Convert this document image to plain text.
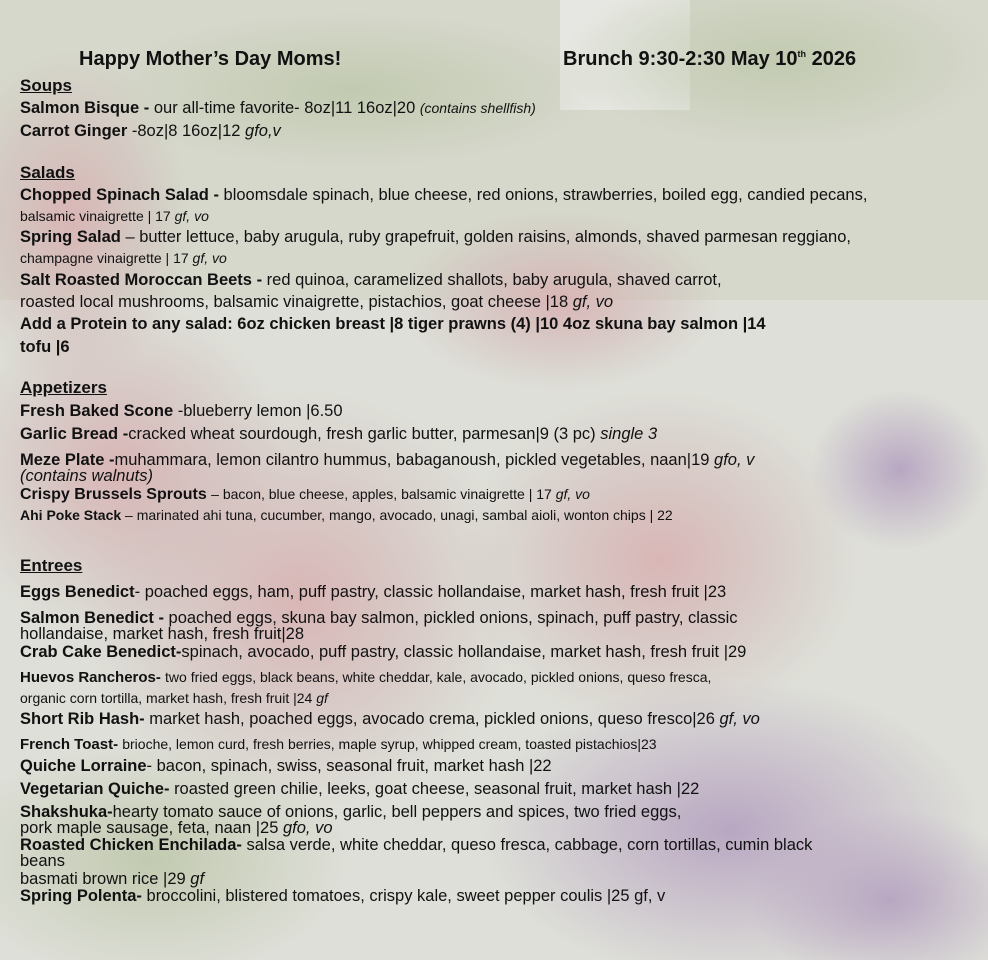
Happy Mother’s Day Moms!	Brunch 9:30-2:30 May 10th 2026
Soups
Salmon Bisque - our all-time favorite- 8oz|11 16oz|20 (contains shellfish)
Carrot Ginger -8oz|8 16oz|12 gfo,v
Salads
Chopped Spinach Salad - bloomsdale spinach, blue cheese, red onions, strawberries, boiled egg, candied pecans,
balsamic vinaigrette | 17 gf, vo
Spring Salad – butter lettuce, baby arugula, ruby grapefruit, golden raisins, almonds, shaved parmesan reggiano,
champagne vinaigrette | 17 gf, vo
Salt Roasted Moroccan Beets - red quinoa, caramelized shallots, baby arugula, shaved carrot,
roasted local mushrooms, balsamic vinaigrette, pistachios, goat cheese |18 gf, vo
Add a Protein to any salad: 6oz chicken breast |8 tiger prawns (4) |10 4oz skuna bay salmon |14
tofu |6
Appetizers
Fresh Baked Scone -blueberry lemon |6.50
Garlic Bread -cracked wheat sourdough, fresh garlic butter, parmesan|9 (3 pc) single 3
Meze Plate -muhammara, lemon cilantro hummus, babaganoush, pickled vegetables, naan|19 gfo, v
(contains walnuts)
Crispy Brussels Sprouts – bacon, blue cheese, apples, balsamic vinaigrette | 17 gf, vo
Ahi Poke Stack – marinated ahi tuna, cucumber, mango, avocado, unagi, sambal aioli, wonton chips | 22
Entrees
Eggs Benedict- poached eggs, ham, puff pastry, classic hollandaise, market hash, fresh fruit |23
Salmon Benedict - poached eggs, skuna bay salmon, pickled onions, spinach, puff pastry, classic
hollandaise, market hash, fresh fruit|28
Crab Cake Benedict-spinach, avocado, puff pastry, classic hollandaise, market hash, fresh fruit |29
Huevos Rancheros- two fried eggs, black beans, white cheddar, kale, avocado, pickled onions, queso fresca,
organic corn tortilla, market hash, fresh fruit |24 gf
Short Rib Hash- market hash, poached eggs, avocado crema, pickled onions, queso fresco|26 gf, vo
French Toast- brioche, lemon curd, fresh berries, maple syrup, whipped cream, toasted pistachios|23
Quiche Lorraine- bacon, spinach, swiss, seasonal fruit, market hash |22
Vegetarian Quiche- roasted green chilie, leeks, goat cheese, seasonal fruit, market hash |22
Shakshuka-hearty tomato sauce of onions, garlic, bell peppers and spices, two fried eggs,
pork maple sausage, feta, naan |25 gfo, vo
Roasted Chicken Enchilada- salsa verde, white cheddar, queso fresca, cabbage, corn tortillas, cumin black
beans
basmati brown rice |29 gf
Spring Polenta- broccolini, blistered tomatoes, crispy kale, sweet pepper coulis |25 gf, v
